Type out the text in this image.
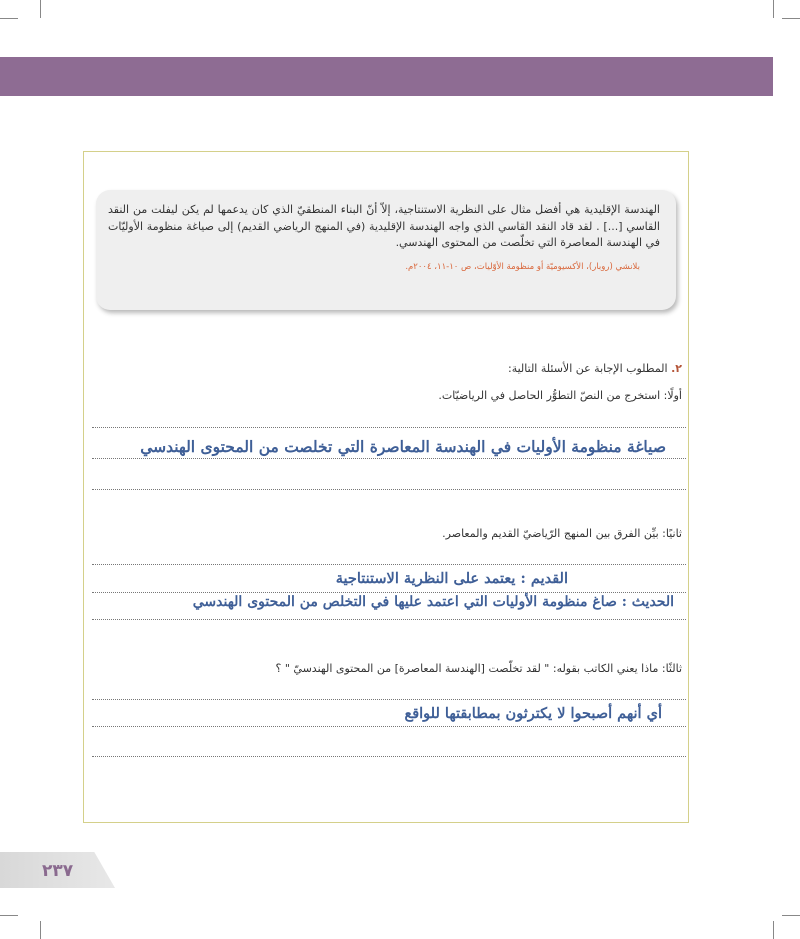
الهندسة الإقليدية هي أفضل مثال على النظرية الاستنتاجية، إلاّ أنّ البناء المنطقيّ الذي كان يدعمها لم يكن ليفلت من النقد القاسي [...] . لقد قاد النقد القاسي الذي واجه الهندسة الإقليدية (في المنهج الرياضي القديم) إلى صياغة منظومة الأوليّات في الهندسة المعاصرة التي تخلّصت من المحتوى الهندسي.

بلانشي (روبار)، الأكسيوميّة أو منظومة الأوّليات، ص ١٠-١١، ٢٠٠٤م.
٢. المطلوب الإجابة عن الأسئلة التالية:
أولًا: استخرج من النصّ التطوُّر الحاصل في الرياضيّات.
صياغة منظومة الأوليات في الهندسة المعاصرة التي تخلصت من المحتوى الهندسي
ثانيًا: بيِّن الفرق بين المنهج الرّياضيّ القديم والمعاصر.
القديم : يعتمد على النظرية الاستنتاجية
الحديث : صاغ منظومة الأوليات التي اعتمد عليها في التخلص من المحتوى الهندسي
ثالثًا: ماذا يعني الكاتب بقوله: " لقد تخلّصت [الهندسة المعاصرة] من المحتوى الهندسيّ " ؟
أي أنهم أصبحوا لا يكترثون بمطابقتها للواقع
٢٣٧
